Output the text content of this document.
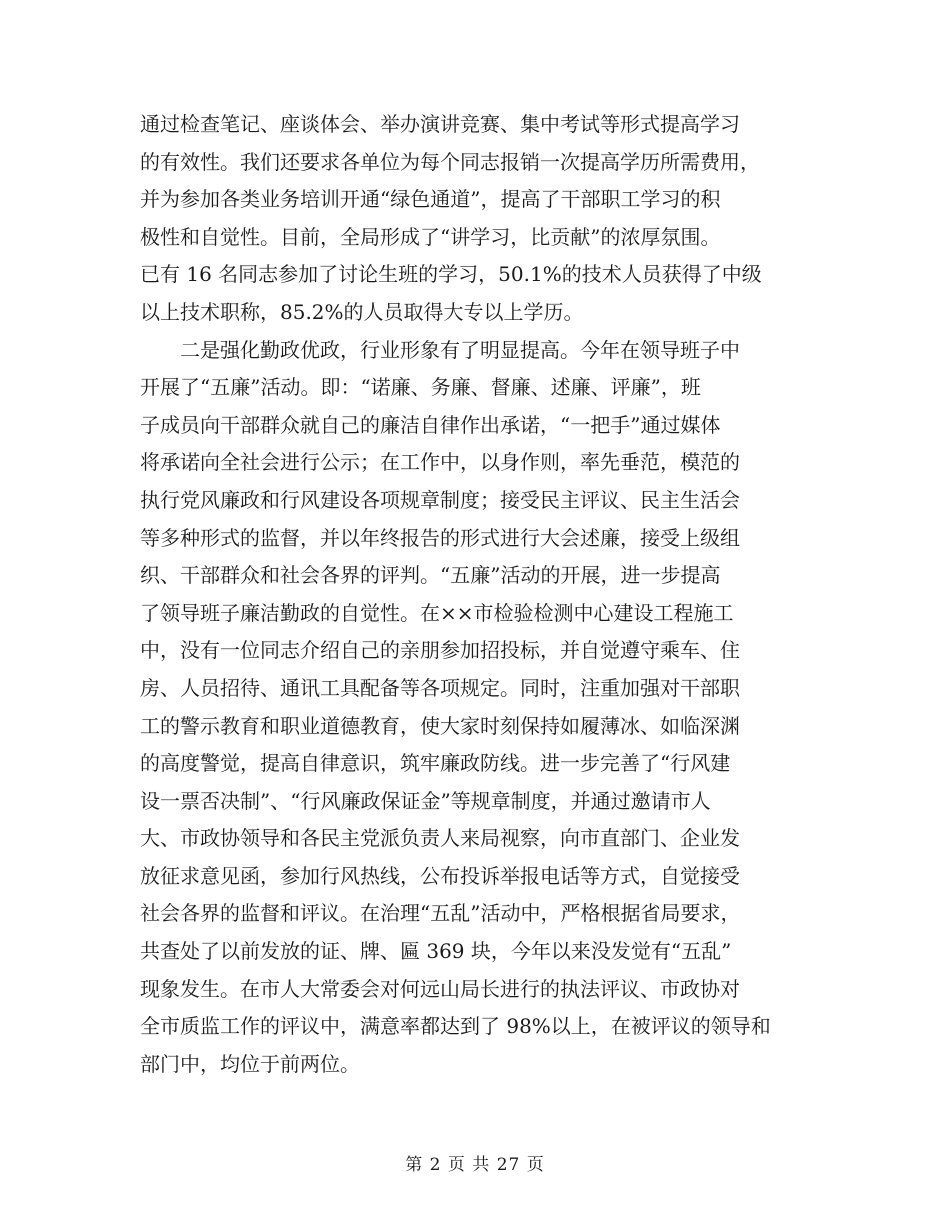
通过检查笔记、座谈体会、举办演讲竞赛、集中考试等形式提高学习
的有效性。我们还要求各单位为每个同志报销一次提高学历所需费用，
并为参加各类业务培训开通“绿色通道”，提高了干部职工学习的积
极性和自觉性。目前，全局形成了“讲学习，比贡献”的浓厚氛围。
已有 16 名同志参加了讨论生班的学习，50.1%的技术人员获得了中级
以上技术职称，85.2%的人员取得大专以上学历。
　　二是强化勤政优政，行业形象有了明显提高。今年在领导班子中
开展了“五廉”活动。即：“诺廉、务廉、督廉、述廉、评廉”，班
子成员向干部群众就自己的廉洁自律作出承诺，“一把手”通过媒体
将承诺向全社会进行公示；在工作中，以身作则，率先垂范，模范的
执行党风廉政和行风建设各项规章制度；接受民主评议、民主生活会
等多种形式的监督，并以年终报告的形式进行大会述廉，接受上级组
织、干部群众和社会各界的评判。“五廉”活动的开展，进一步提高
了领导班子廉洁勤政的自觉性。在××市检验检测中心建设工程施工
中，没有一位同志介绍自己的亲朋参加招投标，并自觉遵守乘车、住
房、人员招待、通讯工具配备等各项规定。同时，注重加强对干部职
工的警示教育和职业道德教育，使大家时刻保持如履薄冰、如临深渊
的高度警觉，提高自律意识，筑牢廉政防线。进一步完善了“行风建
设一票否决制”、“行风廉政保证金”等规章制度，并通过邀请市人
大、市政协领导和各民主党派负责人来局视察，向市直部门、企业发
放征求意见函，参加行风热线，公布投诉举报电话等方式，自觉接受
社会各界的监督和评议。在治理“五乱”活动中，严格根据省局要求，
共查处了以前发放的证、牌、匾 369 块，今年以来没发觉有“五乱”
现象发生。在市人大常委会对何远山局长进行的执法评议、市政协对
全市质监工作的评议中，满意率都达到了 98%以上，在被评议的领导和
部门中，均位于前两位。
第 2 页 共 27 页
